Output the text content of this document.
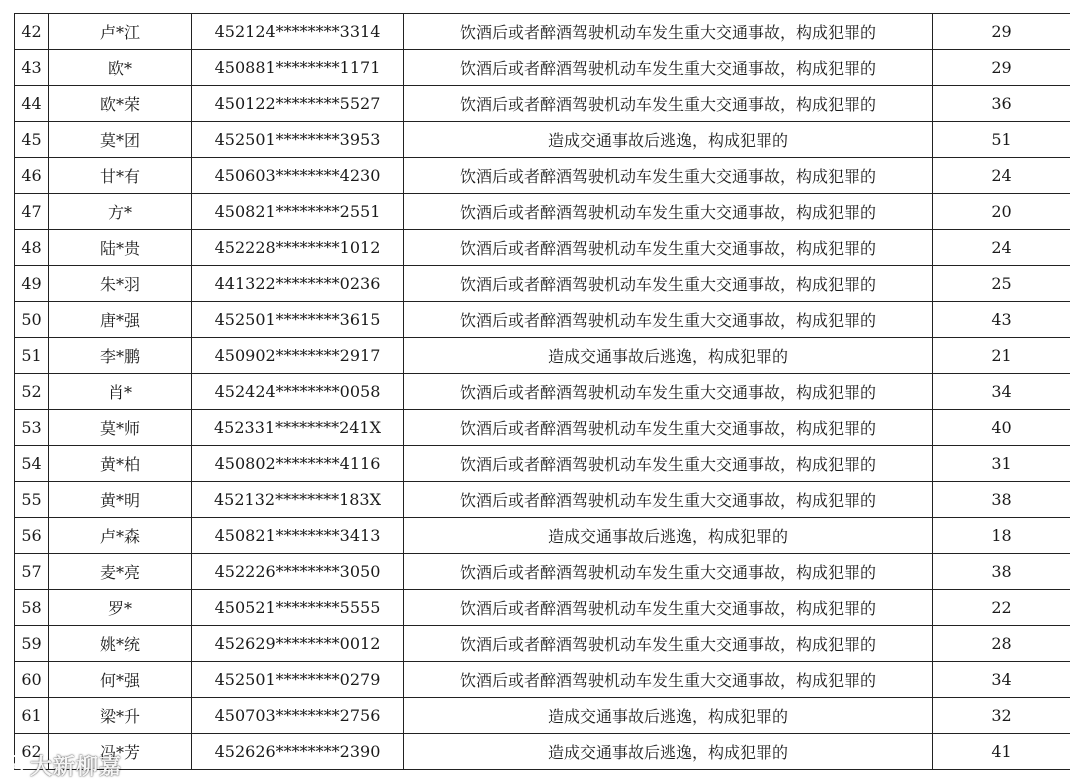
42	卢*江	452124********3314	饮酒后或者醉酒驾驶机动车发生重大交通事故，构成犯罪的	29
43	欧*	450881********1171	饮酒后或者醉酒驾驶机动车发生重大交通事故，构成犯罪的	29
44	欧*荣	450122********5527	饮酒后或者醉酒驾驶机动车发生重大交通事故，构成犯罪的	36
45	莫*团	452501********3953	造成交通事故后逃逸，构成犯罪的	51
46	甘*有	450603********4230	饮酒后或者醉酒驾驶机动车发生重大交通事故，构成犯罪的	24
47	方*	450821********2551	饮酒后或者醉酒驾驶机动车发生重大交通事故，构成犯罪的	20
48	陆*贵	452228********1012	饮酒后或者醉酒驾驶机动车发生重大交通事故，构成犯罪的	24
49	朱*羽	441322********0236	饮酒后或者醉酒驾驶机动车发生重大交通事故，构成犯罪的	25
50	唐*强	452501********3615	饮酒后或者醉酒驾驶机动车发生重大交通事故，构成犯罪的	43
51	李*鹏	450902********2917	造成交通事故后逃逸，构成犯罪的	21
52	肖*	452424********0058	饮酒后或者醉酒驾驶机动车发生重大交通事故，构成犯罪的	34
53	莫*师	452331********241X	饮酒后或者醉酒驾驶机动车发生重大交通事故，构成犯罪的	40
54	黄*柏	450802********4116	饮酒后或者醉酒驾驶机动车发生重大交通事故，构成犯罪的	31
55	黄*明	452132********183X	饮酒后或者醉酒驾驶机动车发生重大交通事故，构成犯罪的	38
56	卢*森	450821********3413	造成交通事故后逃逸，构成犯罪的	18
57	麦*亮	452226********3050	饮酒后或者醉酒驾驶机动车发生重大交通事故，构成犯罪的	38
58	罗*	450521********5555	饮酒后或者醉酒驾驶机动车发生重大交通事故，构成犯罪的	22
59	姚*统	452629********0012	饮酒后或者醉酒驾驶机动车发生重大交通事故，构成犯罪的	28
60	何*强	452501********0279	饮酒后或者醉酒驾驶机动车发生重大交通事故，构成犯罪的	34
61	梁*升	450703********2756	造成交通事故后逃逸，构成犯罪的	32
62	冯*芳	452626********2390	造成交通事故后逃逸，构成犯罪的	41
大新柳嘉
